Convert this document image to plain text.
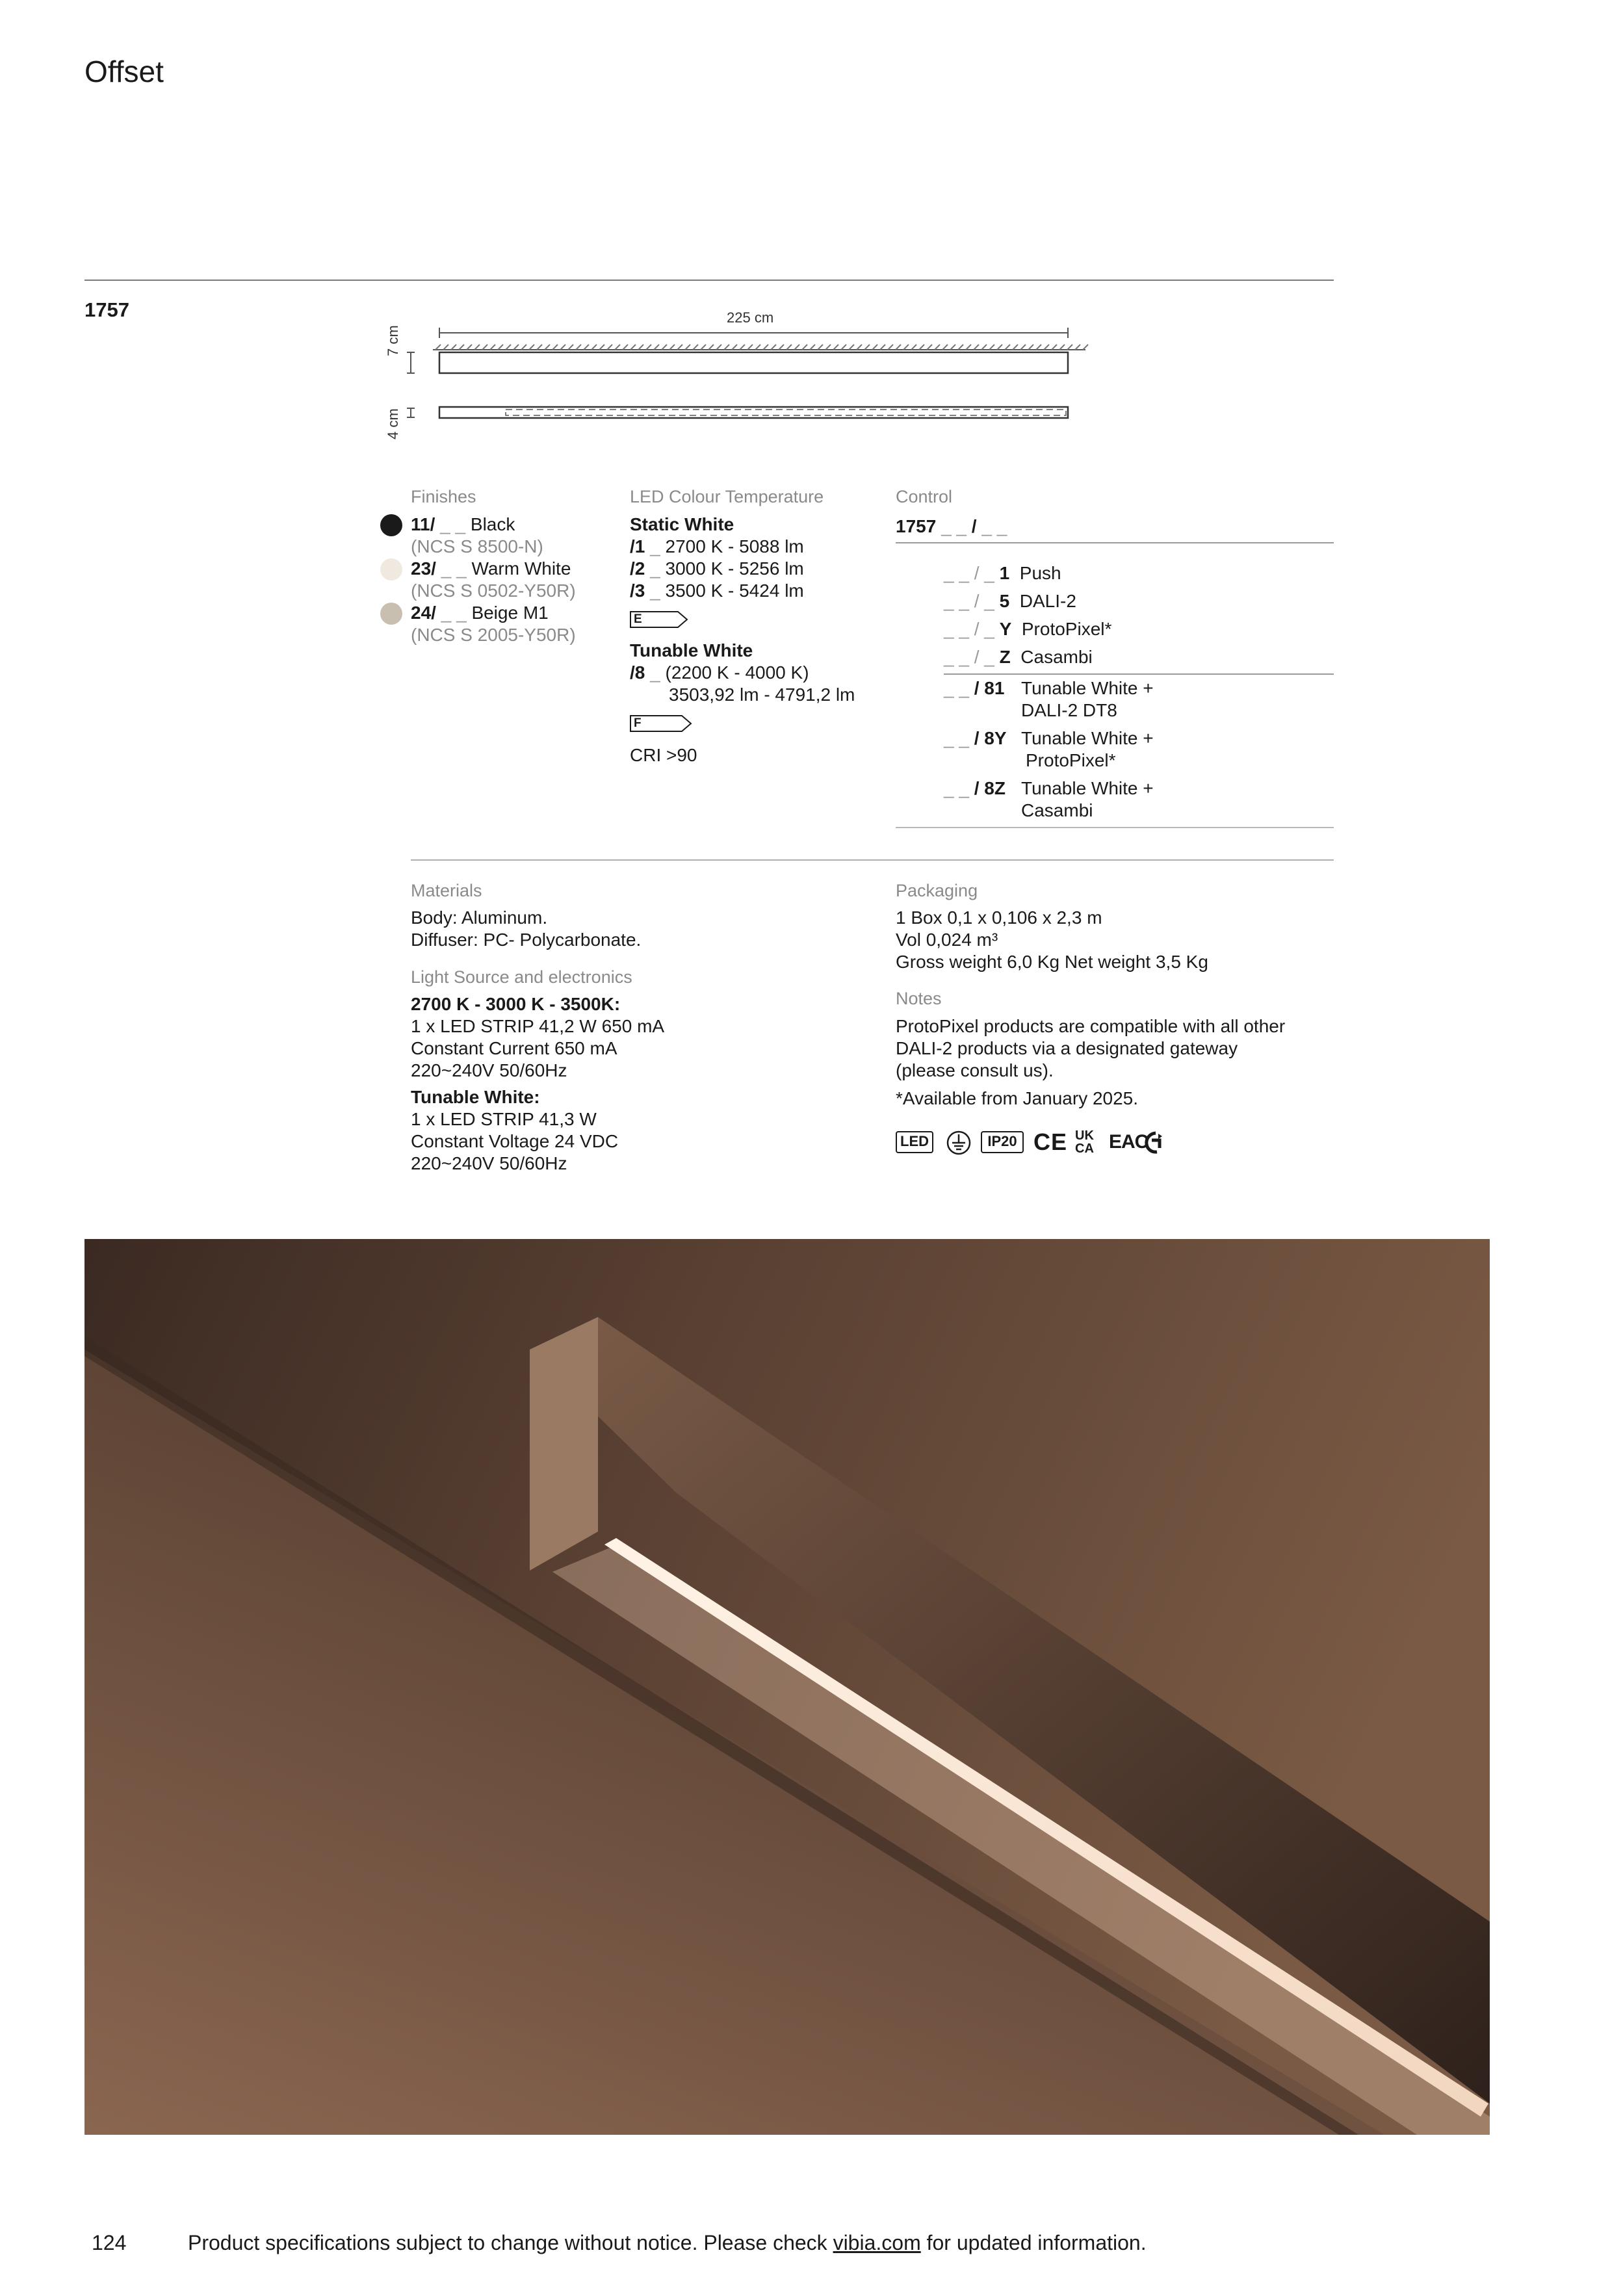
Offset
1757	225 cm
7 cm
4 cm
Finishes
11/ _ _ Black
(NCS S 8500-N)
23/ _ _ Warm White
(NCS S 0502-Y50R)
24/ _ _ Beige M1
(NCS S 2005-Y50R)
LED Colour Temperature
Static White
/1 _ 2700 K - 5088 lm
/2 _ 3000 K - 5256 lm
/3 _ 3500 K - 5424 lm
E
Tunable White
/8 _ (2200 K - 4000 K)
3503,92 lm - 4791,2 lm
F
CRI >90
Control
1757 _ _ / _ _
_ _ / _ 1 Push
_ _ / _ 5 DALI-2
_ _ / _ Y ProtoPixel*
_ _ / _ Z Casambi
_ _ / 81 Tunable White +
DALI-2 DT8
_ _ / 8Y Tunable White +
ProtoPixel*
_ _ / 8Z Tunable White +
Casambi
Materials
Body: Aluminum.
Diffuser: PC- Polycarbonate.
Light Source and electronics
2700 K - 3000 K - 3500K:
1 x LED STRIP 41,2 W 650 mA
Constant Current 650 mA
220~240V 50/60Hz
Tunable White:
1 x LED STRIP 41,3 W
Constant Voltage 24 VDC
220~240V 50/60Hz
Packaging
1 Box 0,1 x 0,106 x 2,3 m
Vol 0,024 m³
Gross weight 6,0 Kg Net weight 3,5 Kg
Notes
ProtoPixel products are compatible with all other
DALI-2 products via a designated gateway
(please consult us).
*Available from January 2025.
LED	IP20 CE UK
CA EAC
124	Product specifications subject to change without notice. Please check vibia.com for updated information.
